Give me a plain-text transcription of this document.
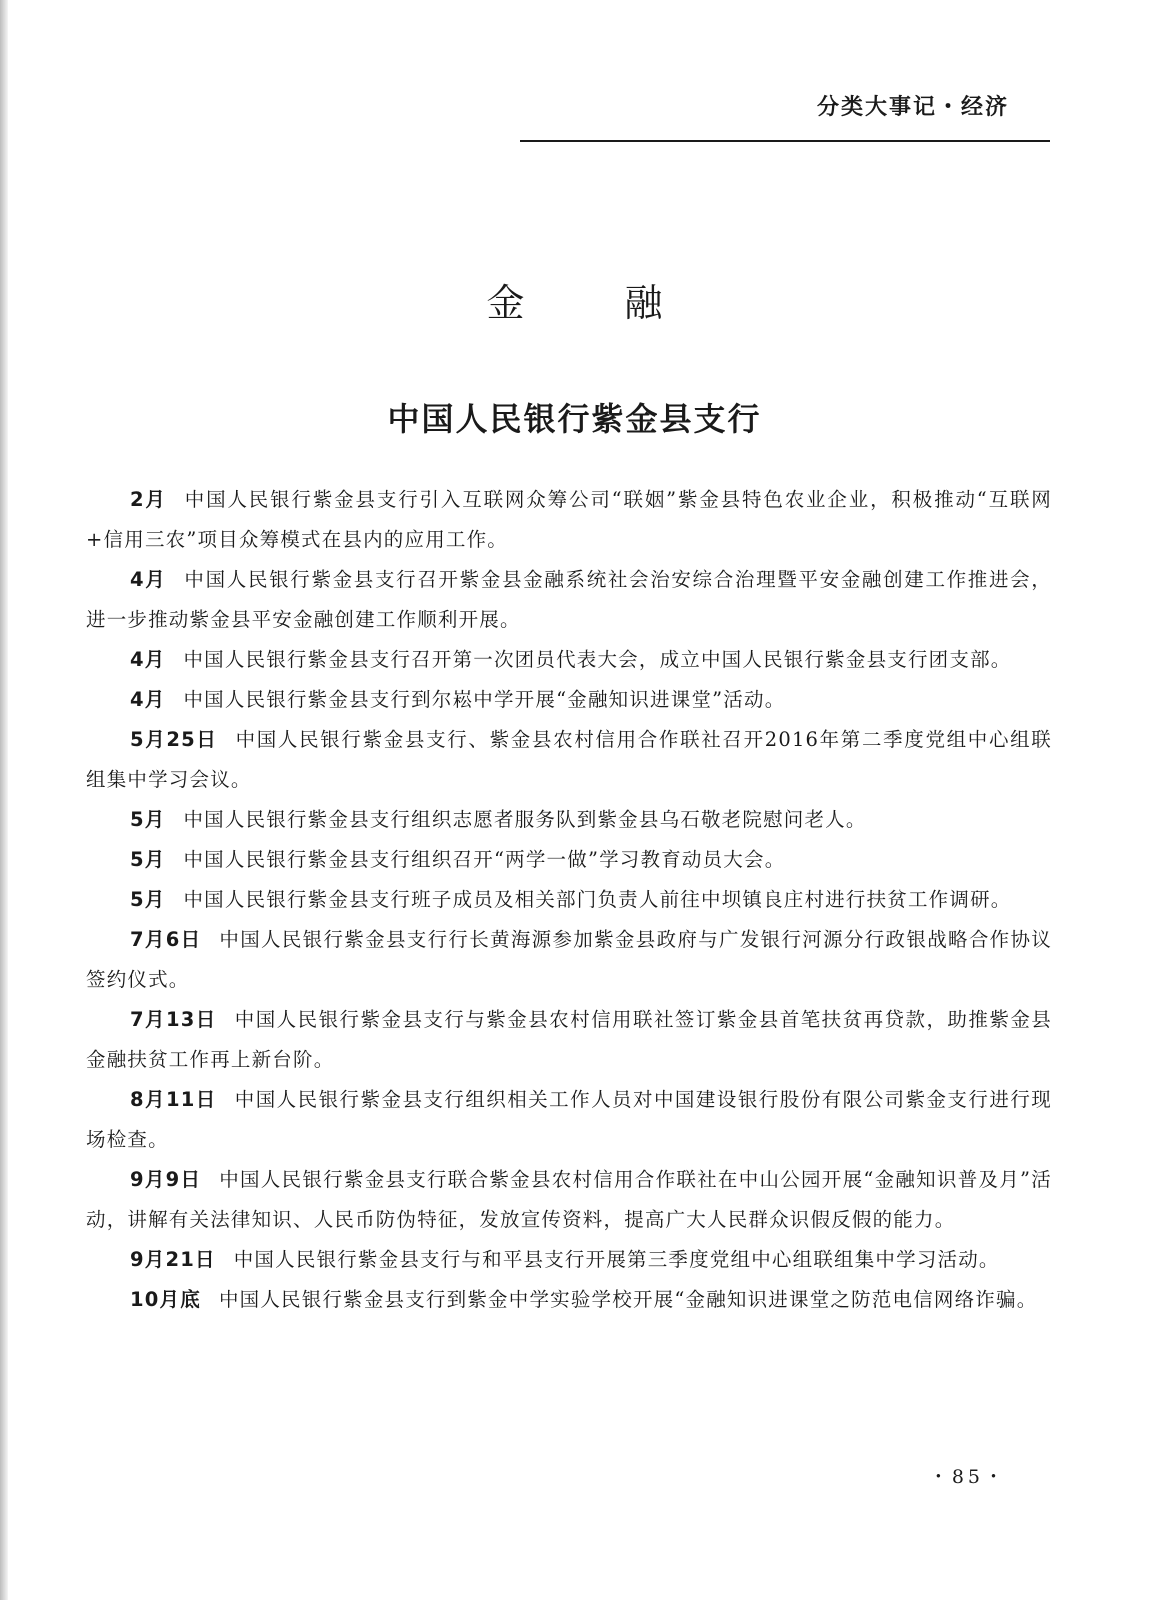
分类大事记・经济
金融
中国人民银行紫金县支行

2月 中国人民银行紫金县支行引入互联网众筹公司“联姻”紫金县特色农业企业，积极推动“互联网+信用三农”项目众筹模式在县内的应用工作。

4月 中国人民银行紫金县支行召开紫金县金融系统社会治安综合治理暨平安金融创建工作推进会，进一步推动紫金县平安金融创建工作顺利开展。

4月 中国人民银行紫金县支行召开第一次团员代表大会，成立中国人民银行紫金县支行团支部。

4月 中国人民银行紫金县支行到尔崧中学开展“金融知识进课堂”活动。

5月25日 中国人民银行紫金县支行、紫金县农村信用合作联社召开2016年第二季度党组中心组联组集中学习会议。

5月 中国人民银行紫金县支行组织志愿者服务队到紫金县乌石敬老院慰问老人。

5月 中国人民银行紫金县支行组织召开“两学一做”学习教育动员大会。

5月 中国人民银行紫金县支行班子成员及相关部门负责人前往中坝镇良庄村进行扶贫工作调研。

7月6日 中国人民银行紫金县支行行长黄海源参加紫金县政府与广发银行河源分行政银战略合作协议签约仪式。

7月13日 中国人民银行紫金县支行与紫金县农村信用联社签订紫金县首笔扶贫再贷款，助推紫金县金融扶贫工作再上新台阶。

8月11日 中国人民银行紫金县支行组织相关工作人员对中国建设银行股份有限公司紫金支行进行现场检查。

9月9日 中国人民银行紫金县支行联合紫金县农村信用合作联社在中山公园开展“金融知识普及月”活动，讲解有关法律知识、人民币防伪特征，发放宣传资料，提高广大人民群众识假反假的能力。

9月21日 中国人民银行紫金县支行与和平县支行开展第三季度党组中心组联组集中学习活动。

10月底 中国人民银行紫金县支行到紫金中学实验学校开展“金融知识进课堂之防范电信网络诈骗。

・85・
